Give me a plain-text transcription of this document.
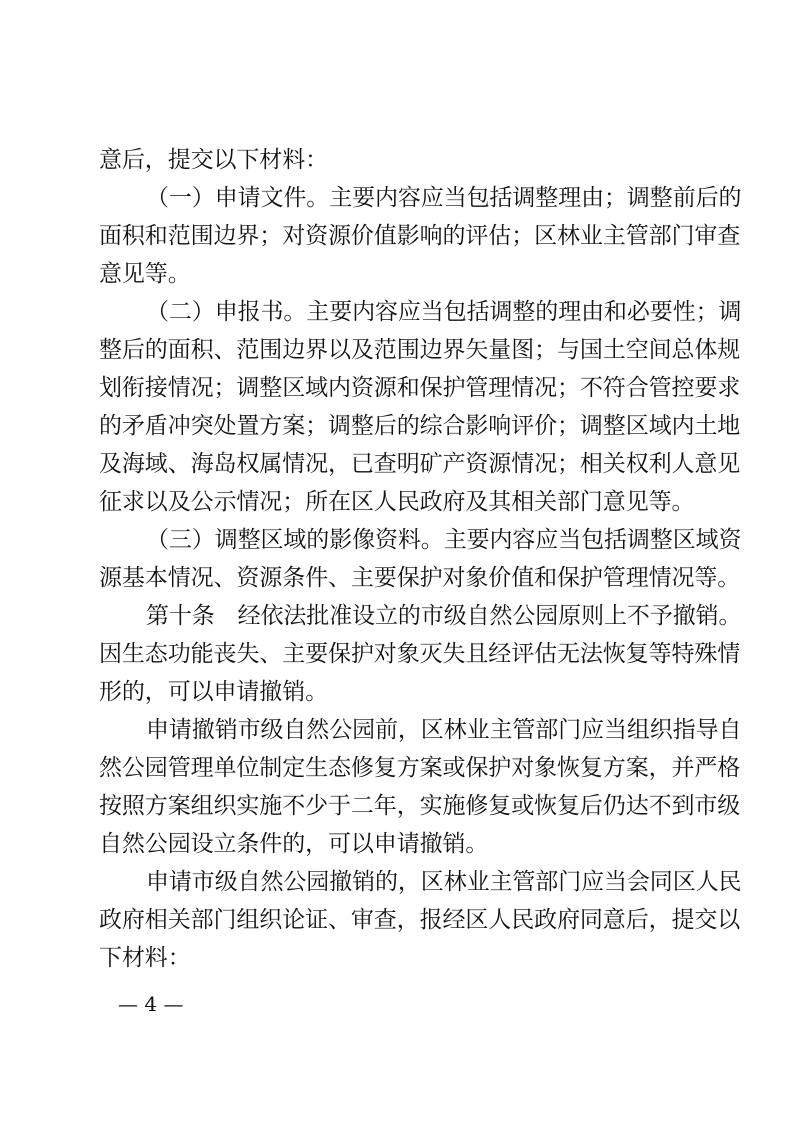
意后，提交以下材料：
（一）申请文件。主要内容应当包括调整理由；调整前后的
面积和范围边界；对资源价值影响的评估；区林业主管部门审查
意见等。
（二）申报书。主要内容应当包括调整的理由和必要性；调
整后的面积、范围边界以及范围边界矢量图；与国土空间总体规
划衔接情况；调整区域内资源和保护管理情况；不符合管控要求
的矛盾冲突处置方案；调整后的综合影响评价；调整区域内土地
及海域、海岛权属情况，已查明矿产资源情况；相关权利人意见
征求以及公示情况；所在区人民政府及其相关部门意见等。
（三）调整区域的影像资料。主要内容应当包括调整区域资
源基本情况、资源条件、主要保护对象价值和保护管理情况等。
第十条　经依法批准设立的市级自然公园原则上不予撤销。
因生态功能丧失、主要保护对象灭失且经评估无法恢复等特殊情
形的，可以申请撤销。
申请撤销市级自然公园前，区林业主管部门应当组织指导自
然公园管理单位制定生态修复方案或保护对象恢复方案，并严格
按照方案组织实施不少于二年，实施修复或恢复后仍达不到市级
自然公园设立条件的，可以申请撤销。
申请市级自然公园撤销的，区林业主管部门应当会同区人民
政府相关部门组织论证、审查，报经区人民政府同意后，提交以
下材料：
— 4 —
